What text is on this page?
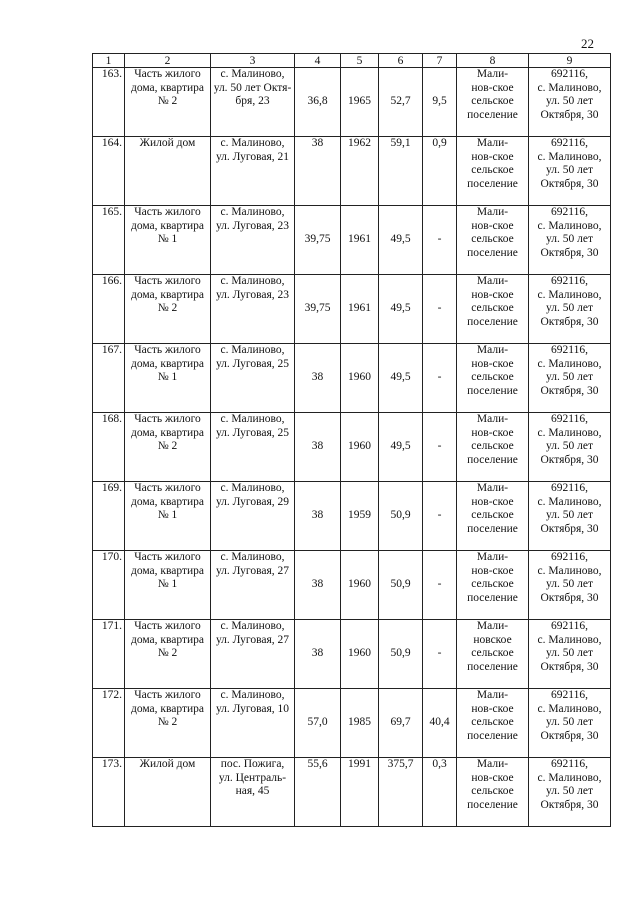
22
1	2	3	4	5	6	7	8	9
163.	Часть жилого
дома, квартира
№ 2	с. Малиново,
ул. 50 лет Октя-
бря, 23	36,8	1965	52,7	9,5	Мали-
нов-ское
сельское
поселение	692116,
с. Малиново,
ул. 50 лет
Октября, 30
164.	Жилой дом	с. Малиново,
ул. Луговая, 21	38	1962	59,1	0,9	Мали-
нов-ское
сельское
поселение	692116,
с. Малиново,
ул. 50 лет
Октября, 30
165.	Часть жилого
дома, квартира
№ 1	с. Малиново,
ул. Луговая, 23	39,75	1961	49,5	-	Мали-
нов-ское
сельское
поселение	692116,
с. Малиново,
ул. 50 лет
Октября, 30
166.	Часть жилого
дома, квартира
№ 2	с. Малиново,
ул. Луговая, 23	39,75	1961	49,5	-	Мали-
нов-ское
сельское
поселение	692116,
с. Малиново,
ул. 50 лет
Октября, 30
167.	Часть жилого
дома, квартира
№ 1	с. Малиново,
ул. Луговая, 25	38	1960	49,5	-	Мали-
нов-ское
сельское
поселение	692116,
с. Малиново,
ул. 50 лет
Октября, 30
168.	Часть жилого
дома, квартира
№ 2	с. Малиново,
ул. Луговая, 25	38	1960	49,5	-	Мали-
нов-ское
сельское
поселение	692116,
с. Малиново,
ул. 50 лет
Октября, 30
169.	Часть жилого
дома, квартира
№ 1	с. Малиново,
ул. Луговая, 29	38	1959	50,9	-	Мали-
нов-ское
сельское
поселение	692116,
с. Малиново,
ул. 50 лет
Октября, 30
170.	Часть жилого
дома, квартира
№ 1	с. Малиново,
ул. Луговая, 27	38	1960	50,9	-	Мали-
нов-ское
сельское
поселение	692116,
с. Малиново,
ул. 50 лет
Октября, 30
171.	Часть жилого
дома, квартира
№ 2	с. Малиново,
ул. Луговая, 27	38	1960	50,9	-	Мали-
новское
сельское
поселение	692116,
с. Малиново,
ул. 50 лет
Октября, 30
172.	Часть жилого
дома, квартира
№ 2	с. Малиново,
ул. Луговая, 10	57,0	1985	69,7	40,4	Мали-
нов-ское
сельское
поселение	692116,
с. Малиново,
ул. 50 лет
Октября, 30
173.	Жилой дом	пос. Пожига,
ул. Централь-
ная, 45	55,6	1991	375,7	0,3	Мали-
нов-ское
сельское
поселение	692116,
с. Малиново,
ул. 50 лет
Октября, 30
